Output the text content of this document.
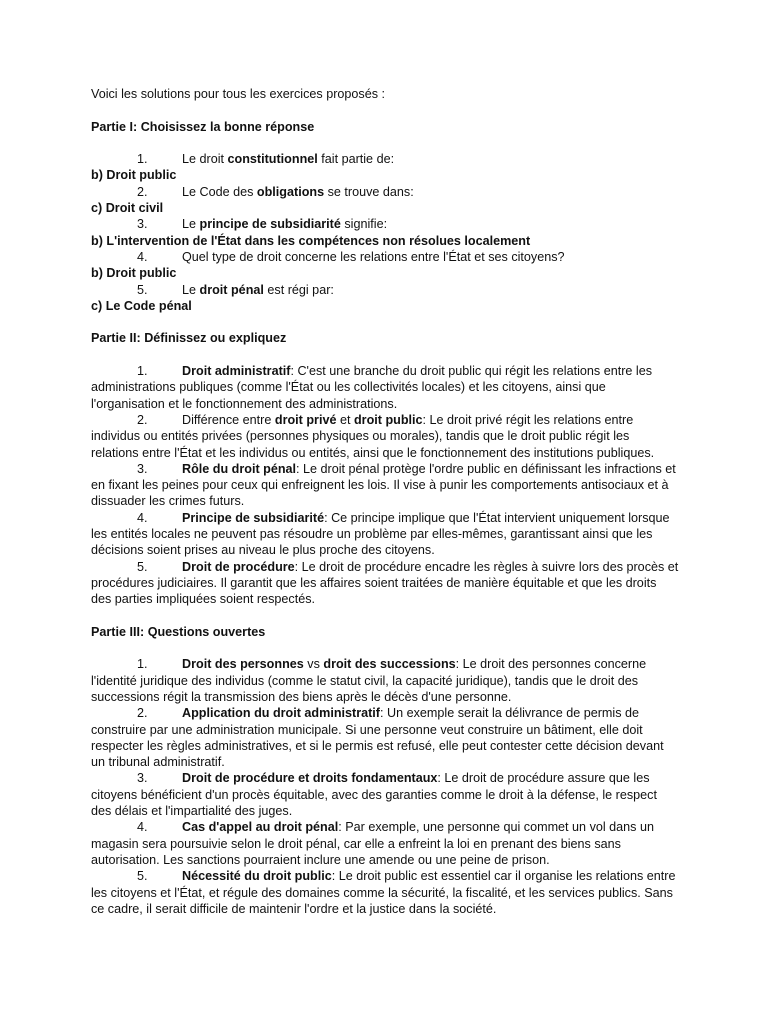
Voici les solutions pour tous les exercices proposés :

Partie I: Choisissez la bonne réponse

1.	Le droit constitutionnel fait partie de:

b) Droit public

2.	Le Code des obligations se trouve dans:

c) Droit civil

3.	Le principe de subsidiarité signifie:

b) L'intervention de l'État dans les compétences non résolues localement

4.	Quel type de droit concerne les relations entre l'État et ses citoyens?

b) Droit public

5.	Le droit pénal est régi par:

c) Le Code pénal

Partie II: Définissez ou expliquez

1.	Droit administratif: C'est une branche du droit public qui régit les relations entre les administrations publiques (comme l'État ou les collectivités locales) et les citoyens, ainsi que l'organisation et le fonctionnement des administrations.

2.	Différence entre droit privé et droit public: Le droit privé régit les relations entre individus ou entités privées (personnes physiques ou morales), tandis que le droit public régit les relations entre l'État et les individus ou entités, ainsi que le fonctionnement des institutions publiques.

3.	Rôle du droit pénal: Le droit pénal protège l'ordre public en définissant les infractions et en fixant les peines pour ceux qui enfreignent les lois. Il vise à punir les comportements antisociaux et à dissuader les crimes futurs.

4.	Principe de subsidiarité: Ce principe implique que l'État intervient uniquement lorsque les entités locales ne peuvent pas résoudre un problème par elles-mêmes, garantissant ainsi que les décisions soient prises au niveau le plus proche des citoyens.

5.	Droit de procédure: Le droit de procédure encadre les règles à suivre lors des procès et procédures judiciaires. Il garantit que les affaires soient traitées de manière équitable et que les droits des parties impliquées soient respectés.

Partie III: Questions ouvertes

1.	Droit des personnes vs droit des successions: Le droit des personnes concerne l'identité juridique des individus (comme le statut civil, la capacité juridique), tandis que le droit des successions régit la transmission des biens après le décès d'une personne.

2.	Application du droit administratif: Un exemple serait la délivrance de permis de construire par une administration municipale. Si une personne veut construire un bâtiment, elle doit respecter les règles administratives, et si le permis est refusé, elle peut contester cette décision devant un tribunal administratif.

3.	Droit de procédure et droits fondamentaux: Le droit de procédure assure que les citoyens bénéficient d'un procès équitable, avec des garanties comme le droit à la défense, le respect des délais et l'impartialité des juges.

4.	Cas d'appel au droit pénal: Par exemple, une personne qui commet un vol dans un magasin sera poursuivie selon le droit pénal, car elle a enfreint la loi en prenant des biens sans autorisation. Les sanctions pourraient inclure une amende ou une peine de prison.

5.	Nécessité du droit public: Le droit public est essentiel car il organise les relations entre les citoyens et l'État, et régule des domaines comme la sécurité, la fiscalité, et les services publics. Sans ce cadre, il serait difficile de maintenir l'ordre et la justice dans la société.
